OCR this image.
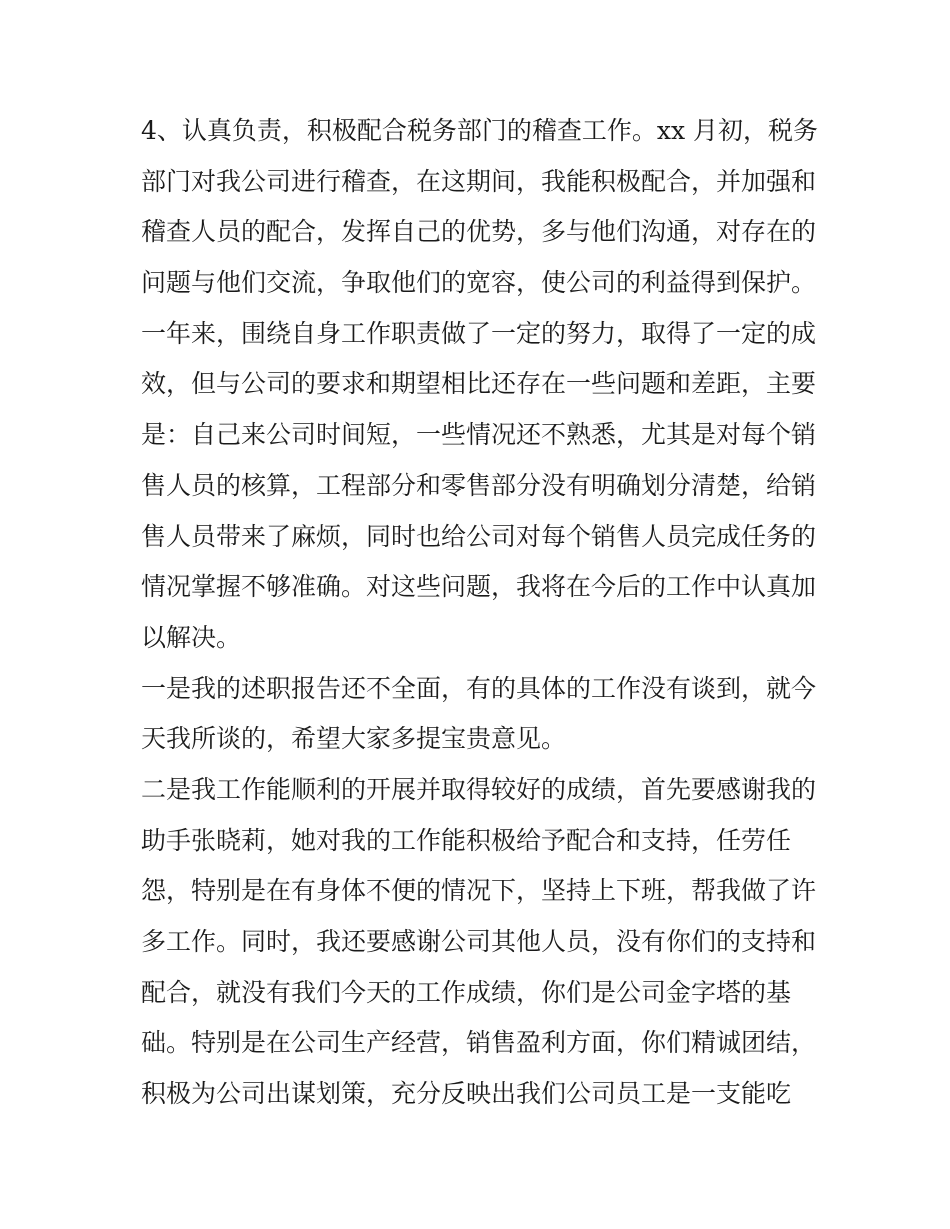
4、认真负责，积极配合税务部门的稽查工作。xx 月初，税务
部门对我公司进行稽查，在这期间，我能积极配合，并加强和
稽查人员的配合，发挥自己的优势，多与他们沟通，对存在的
问题与他们交流，争取他们的宽容，使公司的利益得到保护。
一年来，围绕自身工作职责做了一定的努力，取得了一定的成
效，但与公司的要求和期望相比还存在一些问题和差距，主要
是：自己来公司时间短，一些情况还不熟悉，尤其是对每个销
售人员的核算，工程部分和零售部分没有明确划分清楚，给销
售人员带来了麻烦，同时也给公司对每个销售人员完成任务的
情况掌握不够准确。对这些问题，我将在今后的工作中认真加
以解决。
一是我的述职报告还不全面，有的具体的工作没有谈到，就今
天我所谈的，希望大家多提宝贵意见。
二是我工作能顺利的开展并取得较好的成绩，首先要感谢我的
助手张晓莉，她对我的工作能积极给予配合和支持，任劳任
怨，特别是在有身体不便的情况下，坚持上下班，帮我做了许
多工作。同时，我还要感谢公司其他人员，没有你们的支持和
配合，就没有我们今天的工作成绩，你们是公司金字塔的基
础。特别是在公司生产经营，销售盈利方面，你们精诚团结，
积极为公司出谋划策，充分反映出我们公司员工是一支能吃
